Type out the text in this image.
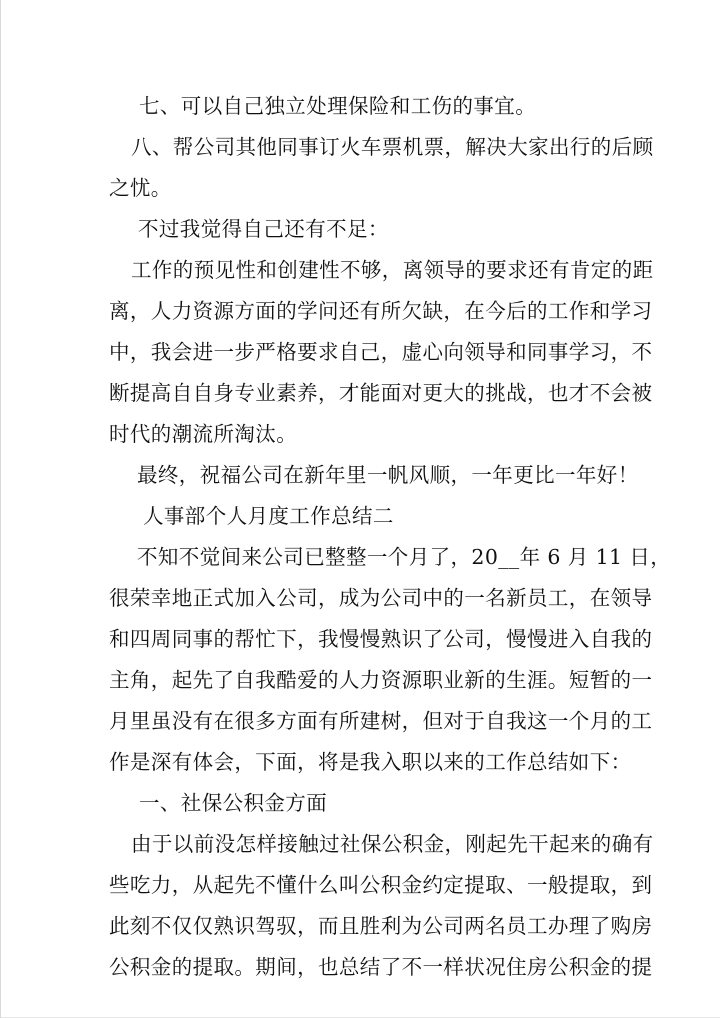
七、可以自己独立处理保险和工伤的事宜。
八、帮公司其他同事订火车票机票，解决大家出行的后顾
之忧。
不过我觉得自己还有不足：
工作的预见性和创建性不够，离领导的要求还有肯定的距
离，人力资源方面的学问还有所欠缺，在今后的工作和学习
中，我会进一步严格要求自己，虚心向领导和同事学习，不
断提高自自身专业素养，才能面对更大的挑战，也才不会被
时代的潮流所淘汰。
最终，祝福公司在新年里一帆风顺，一年更比一年好！
人事部个人月度工作总结二
不知不觉间来公司已整整一个月了，20__年 6 月 11 日，
很荣幸地正式加入公司，成为公司中的一名新员工，在领导
和四周同事的帮忙下，我慢慢熟识了公司，慢慢进入自我的
主角，起先了自我酷爱的人力资源职业新的生涯。短暂的一
月里虽没有在很多方面有所建树，但对于自我这一个月的工
作是深有体会，下面，将是我入职以来的工作总结如下：
一、社保公积金方面
由于以前没怎样接触过社保公积金，刚起先干起来的确有
些吃力，从起先不懂什么叫公积金约定提取、一般提取，到
此刻不仅仅熟识驾驭，而且胜利为公司两名员工办理了购房
公积金的提取。期间，也总结了不一样状况住房公积金的提
